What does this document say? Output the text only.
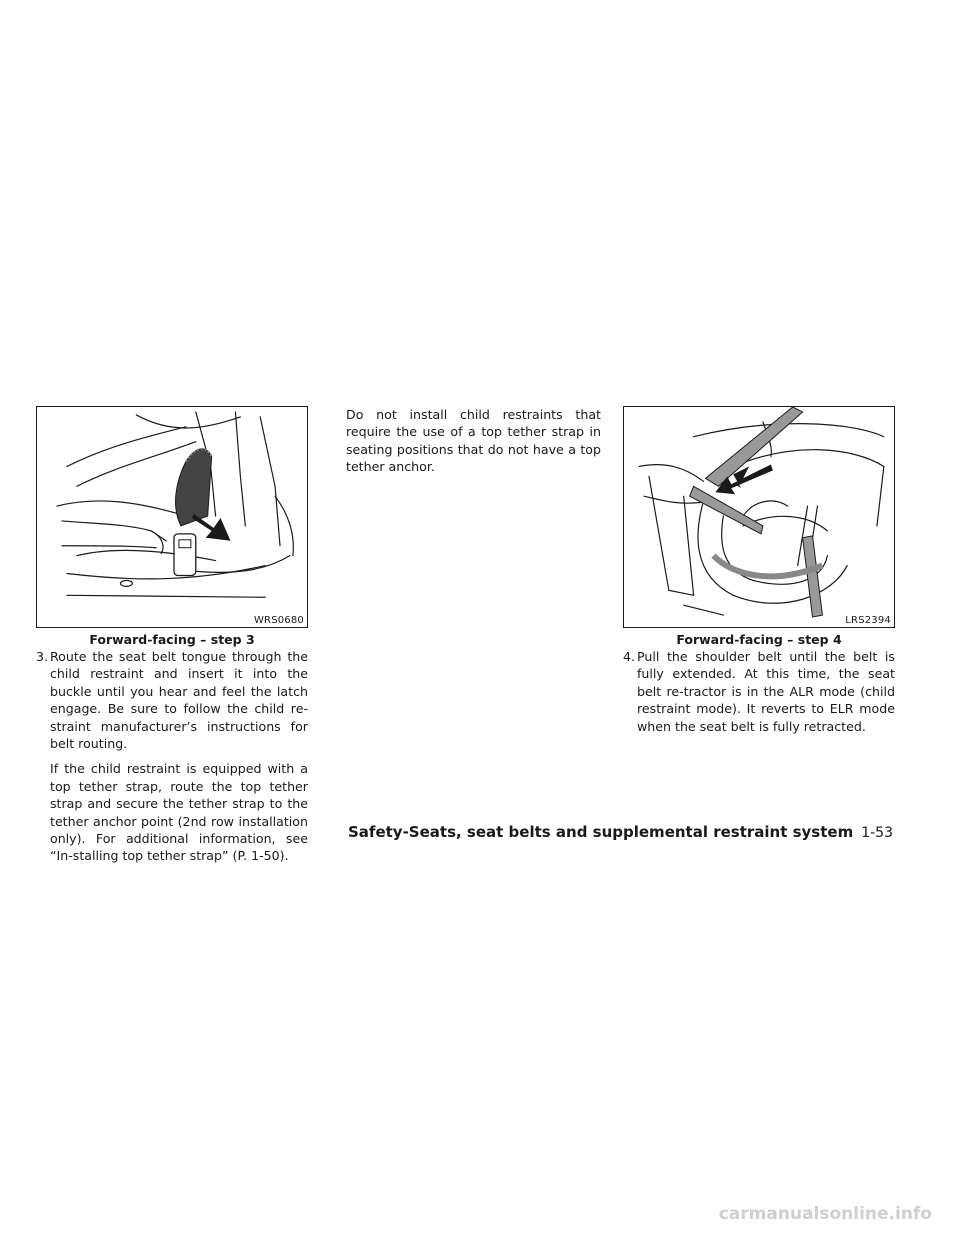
WRS0680
Forward-facing – step 3

3. Route the seat belt tongue through the child restraint and insert it into the buckle until you hear and feel the latch engage. Be sure to follow the child re-straint manufacturer’s instructions for belt routing.

If the child restraint is equipped with a top tether strap, route the top tether strap and secure the tether strap to the tether anchor point (2nd row installation only). For additional information, see “In-stalling top tether strap” (P. 1-50).

Do not install child restraints that require the use of a top tether strap in seating positions that do not have a top tether anchor.

LRS2394
Forward-facing – step 4

4. Pull the shoulder belt until the belt is fully extended. At this time, the seat belt re-tractor is in the ALR mode (child restraint mode). It reverts to ELR mode when the seat belt is fully retracted.

Safety-Seats, seat belts and supplemental restraint system 1-53
carmanualsonline.info
